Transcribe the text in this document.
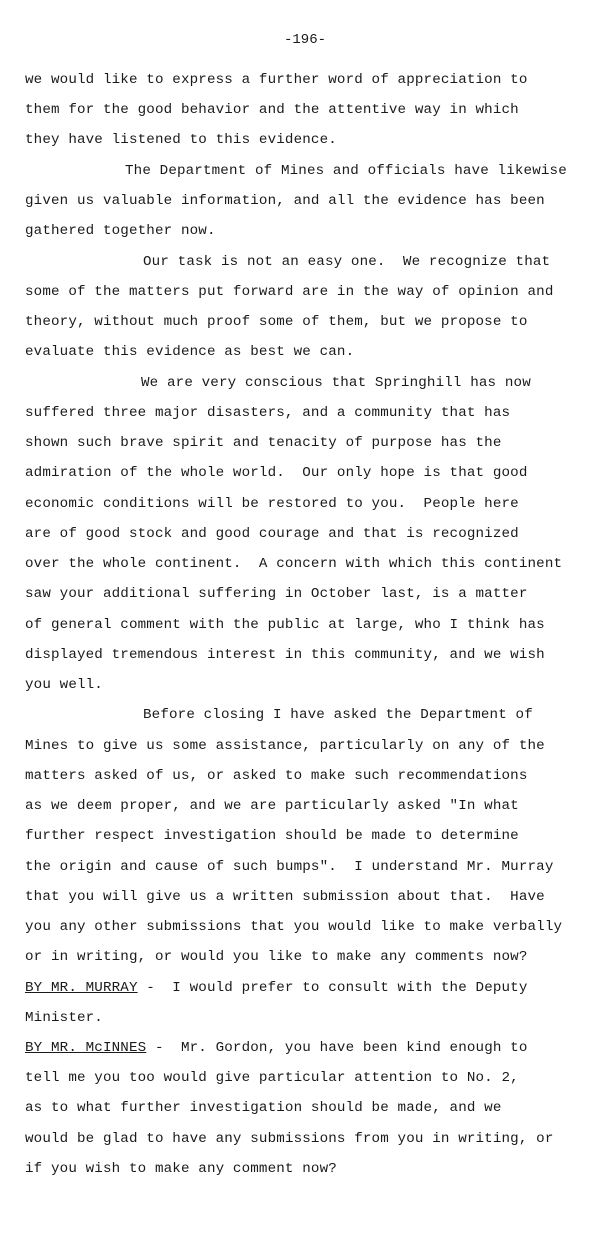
-196-
we would like to express a further word of appreciation to
them for the good behavior and the attentive way in which
they have listened to this evidence.
The Department of Mines and officials have likewise
given us valuable information, and all the evidence has been
gathered together now.
Our task is not an easy one.  We recognize that
some of the matters put forward are in the way of opinion and
theory, without much proof some of them, but we propose to
evaluate this evidence as best we can.
We are very conscious that Springhill has now
suffered three major disasters, and a community that has
shown such brave spirit and tenacity of purpose has the
admiration of the whole world.  Our only hope is that good
economic conditions will be restored to you.  People here
are of good stock and good courage and that is recognized
over the whole continent.  A concern with which this continent
saw your additional suffering in October last, is a matter
of general comment with the public at large, who I think has
displayed tremendous interest in this community, and we wish
you well.
Before closing I have asked the Department of
Mines to give us some assistance, particularly on any of the
matters asked of us, or asked to make such recommendations
as we deem proper, and we are particularly asked "In what
further respect investigation should be made to determine
the origin and cause of such bumps".  I understand Mr. Murray
that you will give us a written submission about that.  Have
you any other submissions that you would like to make verbally
or in writing, or would you like to make any comments now?
BY MR. MURRAY -  I would prefer to consult with the Deputy
BY MR. McINNES -  Mr. Gordon, you have been kind enough to
Minister.
tell me you too would give particular attention to No. 2,
as to what further investigation should be made, and we
would be glad to have any submissions from you in writing, or
if you wish to make any comment now?
